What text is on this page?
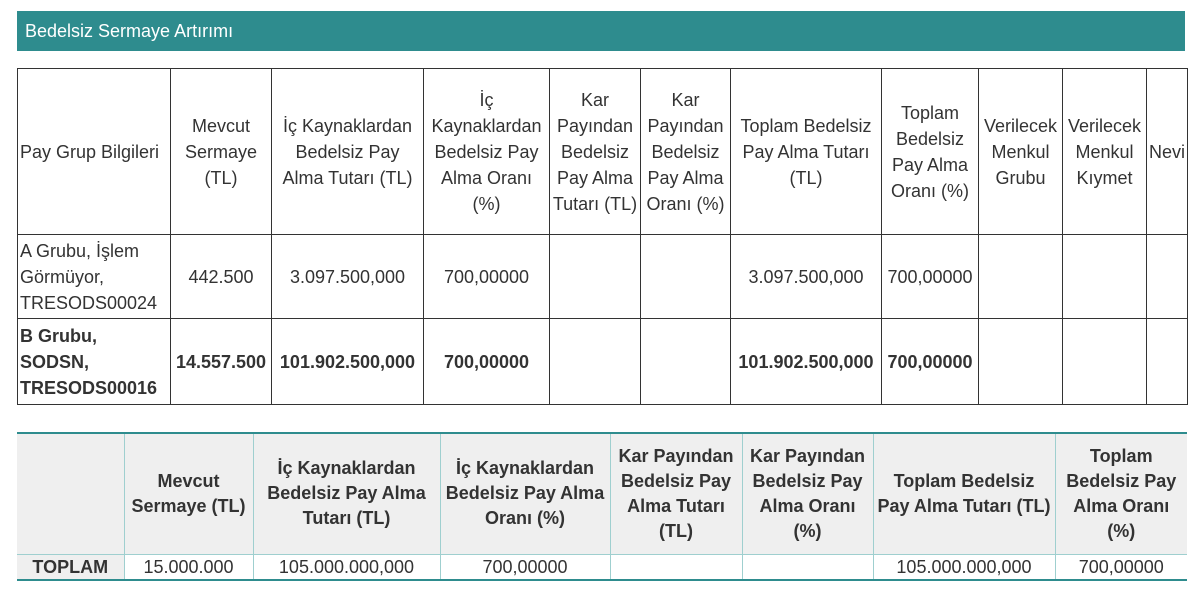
Bedelsiz Sermaye Artırımı
Pay Grup Bilgileri	Mevcut Sermaye (TL)	İç Kaynaklardan Bedelsiz Pay Alma Tutarı (TL)	İç Kaynaklardan Bedelsiz Pay Alma Oranı (%)	Kar Payından Bedelsiz Pay Alma Tutarı (TL)	Kar Payından Bedelsiz Pay Alma Oranı (%)	Toplam Bedelsiz Pay Alma Tutarı (TL)	Toplam Bedelsiz Pay Alma Oranı (%)	Verilecek Menkul Grubu	Verilecek Menkul Kıymet	Nevi
A Grubu, İşlem Görmüyor, TRESODS00024	442.500	3.097.500,000	700,00000			3.097.500,000	700,00000			
B Grubu, SODSN, TRESODS00016	14.557.500	101.902.500,000	700,00000			101.902.500,000	700,00000			
	Mevcut Sermaye (TL)	İç Kaynaklardan Bedelsiz Pay Alma Tutarı (TL)	İç Kaynaklardan Bedelsiz Pay Alma Oranı (%)	Kar Payından Bedelsiz Pay Alma Tutarı (TL)	Kar Payından Bedelsiz Pay Alma Oranı (%)	Toplam Bedelsiz Pay Alma Tutarı (TL)	Toplam Bedelsiz Pay Alma Oranı (%)
TOPLAM	15.000.000	105.000.000,000	700,00000			105.000.000,000	700,00000
